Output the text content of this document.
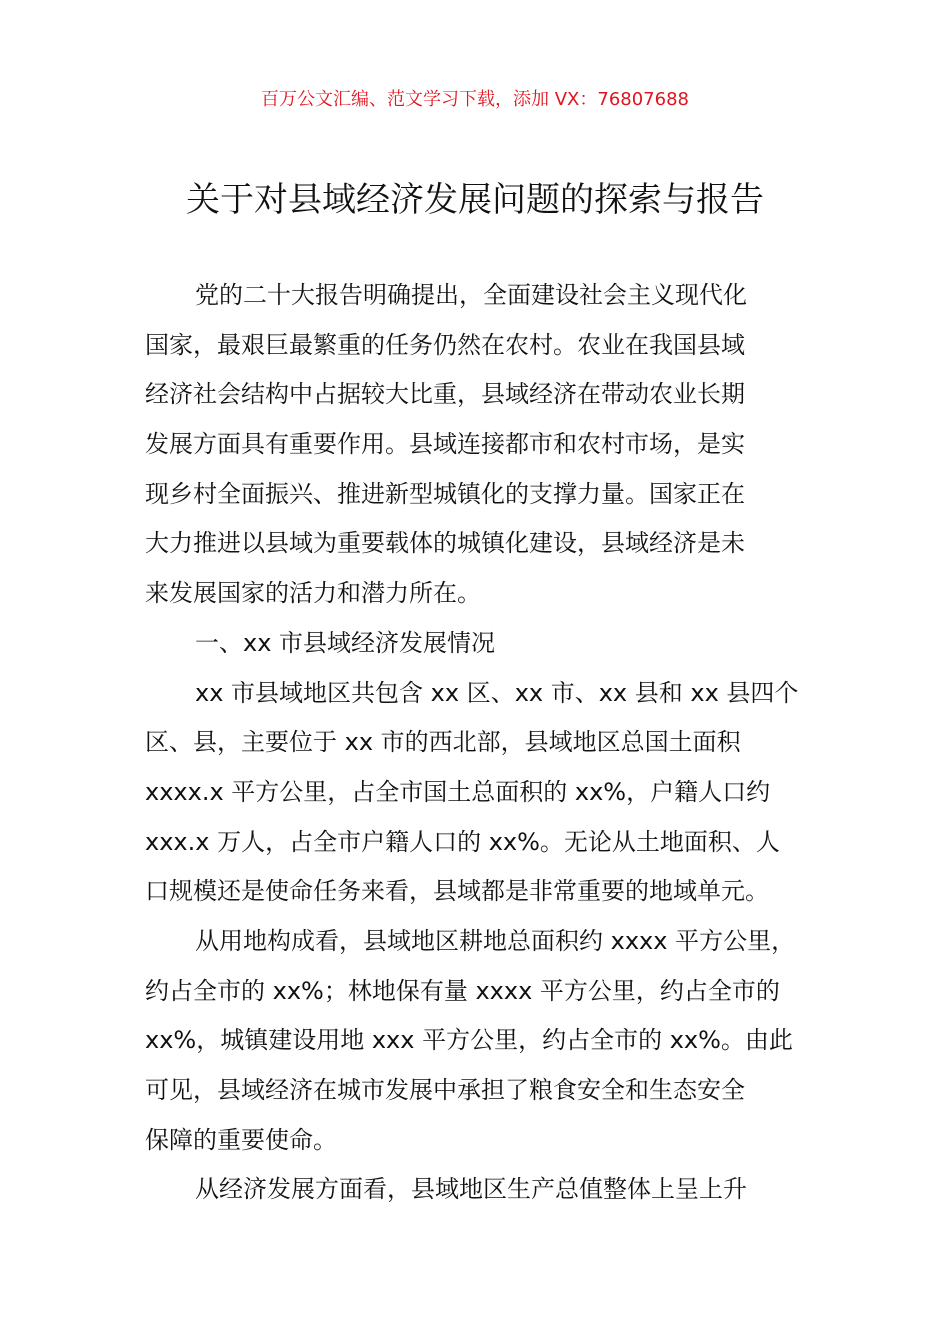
百万公文汇编、范文学习下载，添加 VX：76807688
关于对县域经济发展问题的探索与报告
党的二十大报告明确提出，全面建设社会主义现代化
国家，最艰巨最繁重的任务仍然在农村。农业在我国县域
经济社会结构中占据较大比重，县域经济在带动农业长期
发展方面具有重要作用。县域连接都市和农村市场，是实
现乡村全面振兴、推进新型城镇化的支撑力量。国家正在
大力推进以县域为重要载体的城镇化建设，县域经济是未
来发展国家的活力和潜力所在。
一、xx 市县域经济发展情况
xx 市县域地区共包含 xx 区、xx 市、xx 县和 xx 县四个
区、县，主要位于 xx 市的西北部，县域地区总国土面积
xxxx.x 平方公里，占全市国土总面积的 xx%，户籍人口约
xxx.x 万人，占全市户籍人口的 xx%。无论从土地面积、人
口规模还是使命任务来看，县域都是非常重要的地域单元。
从用地构成看，县域地区耕地总面积约 xxxx 平方公里，
约占全市的 xx%；林地保有量 xxxx 平方公里，约占全市的
xx%，城镇建设用地 xxx 平方公里，约占全市的 xx%。由此
可见，县域经济在城市发展中承担了粮食安全和生态安全
保障的重要使命。
从经济发展方面看，县域地区生产总值整体上呈上升
